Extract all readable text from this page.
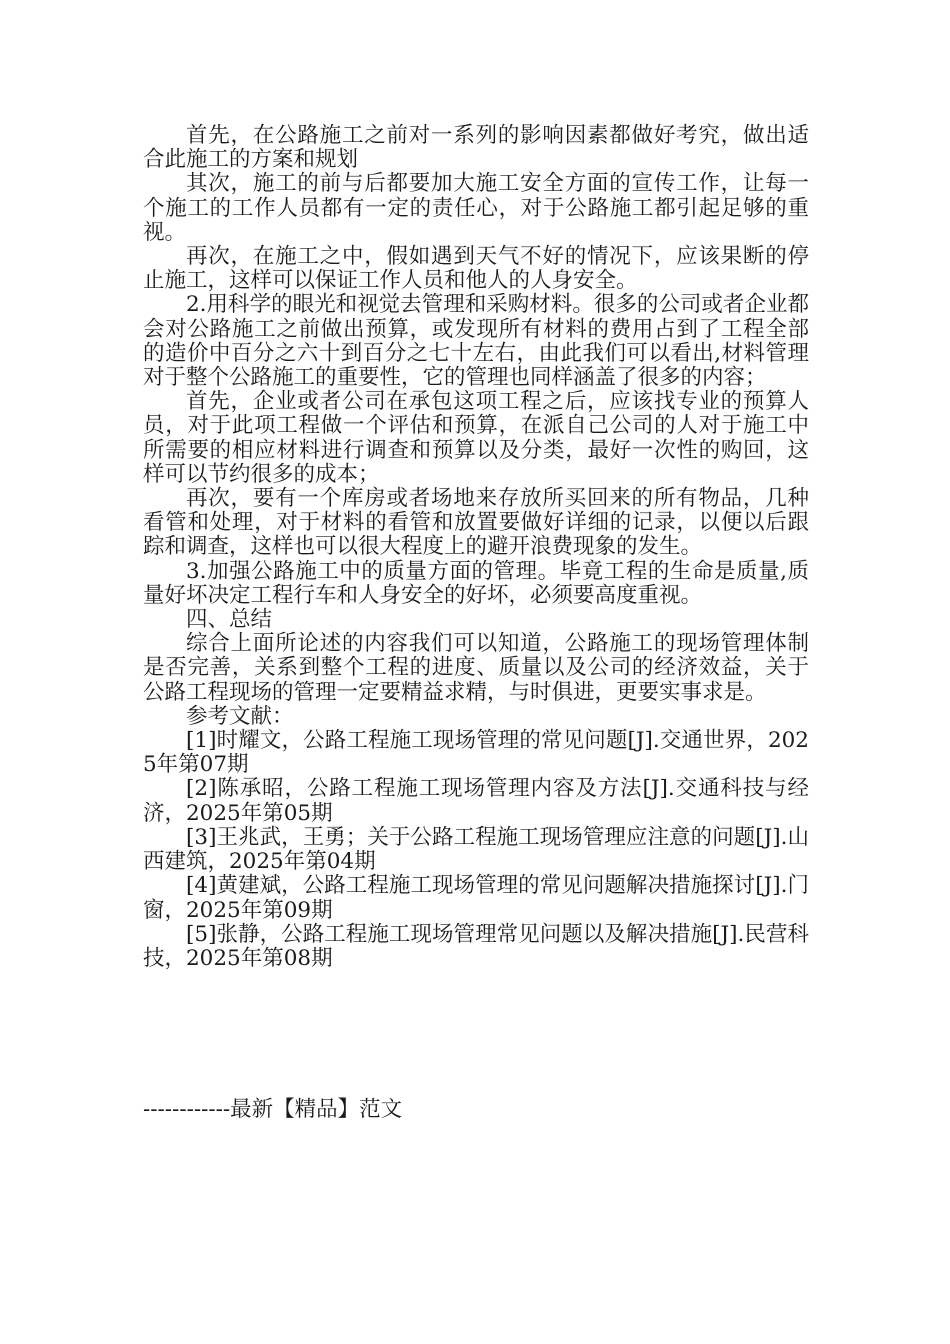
首先，在公路施工之前对一系列的影响因素都做好考究，做出适合此施工的方案和规划

其次，施工的前与后都要加大施工安全方面的宣传工作，让每一个施工的工作人员都有一定的责任心，对于公路施工都引起足够的重视。

再次，在施工之中，假如遇到天气不好的情况下，应该果断的停止施工，这样可以保证工作人员和他人的人身安全。

2.用科学的眼光和视觉去管理和采购材料。很多的公司或者企业都会对公路施工之前做出预算，或发现所有材料的费用占到了工程全部的造价中百分之六十到百分之七十左右，由此我们可以看出,材料管理对于整个公路施工的重要性，它的管理也同样涵盖了很多的内容；

首先，企业或者公司在承包这项工程之后，应该找专业的预算人员，对于此项工程做一个评估和预算，在派自己公司的人对于施工中所需要的相应材料进行调查和预算以及分类，最好一次性的购回，这样可以节约很多的成本；

再次，要有一个库房或者场地来存放所买回来的所有物品，几种看管和处理，对于材料的看管和放置要做好详细的记录，以便以后跟踪和调查，这样也可以很大程度上的避开浪费现象的发生。

3.加强公路施工中的质量方面的管理。毕竟工程的生命是质量,质量好坏决定工程行车和人身安全的好坏，必须要高度重视。

四、总结

综合上面所论述的内容我们可以知道，公路施工的现场管理体制是否完善，关系到整个工程的进度、质量以及公司的经济效益，关于公路工程现场的管理一定要精益求精，与时俱进，更要实事求是。

参考文献：

[1]时耀文，公路工程施工现场管理的常见问题[J].交通世界，2025年第07期

[2]陈承昭，公路工程施工现场管理内容及方法[J].交通科技与经济，2025年第05期

[3]王兆武，王勇；关于公路工程施工现场管理应注意的问题[J].山西建筑，2025年第04期

[4]黄建斌，公路工程施工现场管理的常见问题解决措施探讨[J].门窗，2025年第09期

[5]张静，公路工程施工现场管理常见问题以及解决措施[J].民营科技，2025年第08期

------------最新【精品】范文
